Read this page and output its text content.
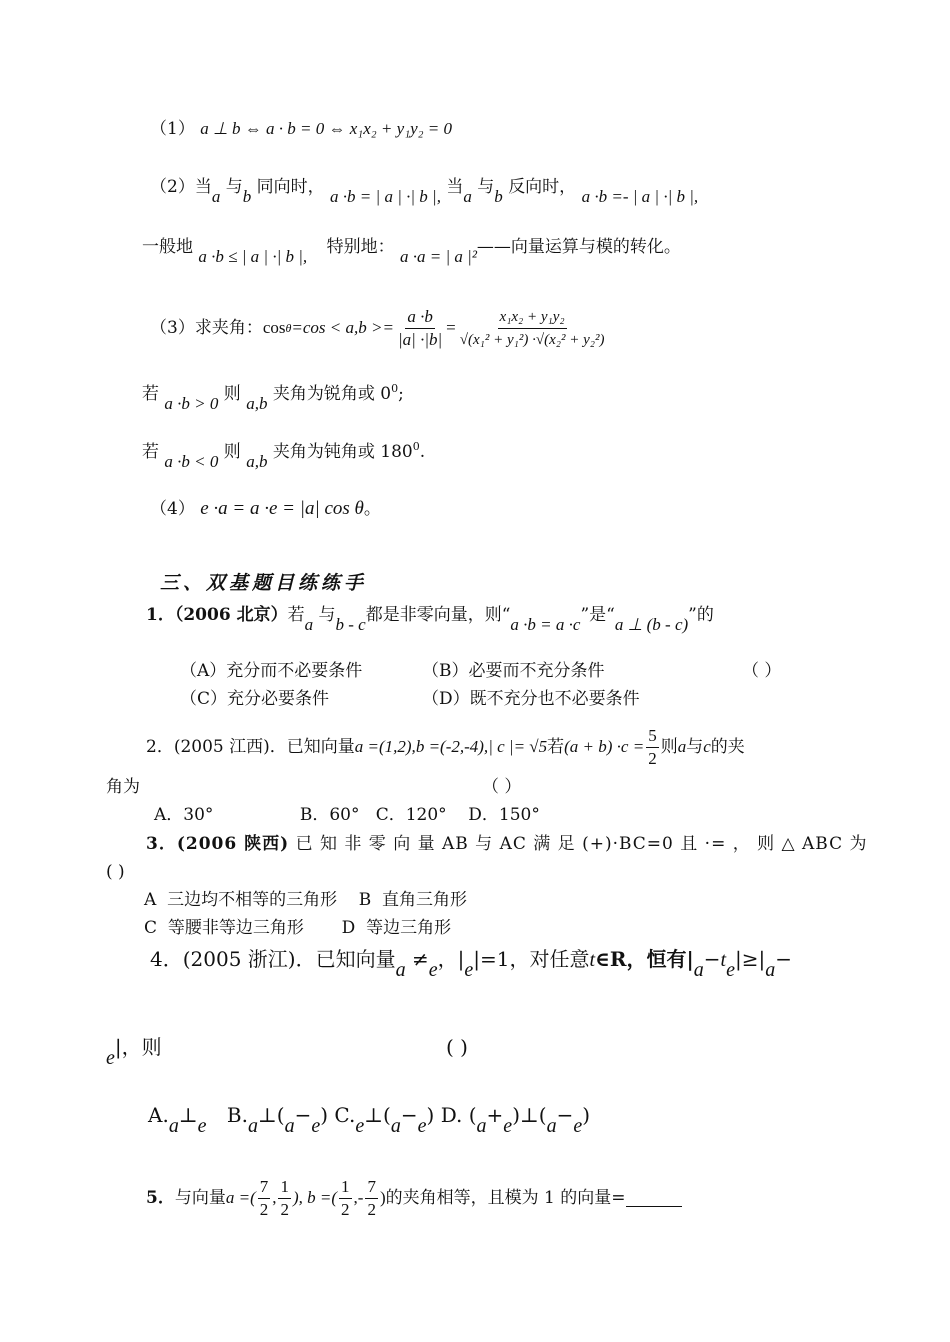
（1） a ⊥ b ⇔ a · b = 0 ⇔ x₁x₂ + y₁y₂ = 0
（2）当a 与b 同向时， a ·b = | a | ·| b |, 当a 与b 反向时， a ·b =- | a | ·| b |,
一般地 a ·b ≤ | a | ·| b |, 特别地： a ·a = | a |²——向量运算与模的转化。
（3）求夹角： $\cos \theta =\cos < a,b >= \frac{a \cdot b}{|a| \cdot|b|} = \frac{\text{x₁x₂ + y₁y₂}}{\text{√(x₁² + y₁²) ·√(x₂² + y₂²)}}$
若 a ·b > 0 则 a,b 夹角为锐角或 $0^0$;
若 a ·b < 0 则 a,b 夹角为钝角或 $180^0$.
（4） e ·a = a ·e = |a| cos θ。
三、双基题目练练手
1．（2006 北京）若a 与b - c都是非零向量，则“a ·b = a ·c”是“a ⊥ (b - c)”的
（A）充分而不必要条件	（B）必要而不充分条件	（ ）
（C）充分必要条件	（D）既不充分也不必要条件
2． (2005 江西)．已知向量 a =(1,2), b =(-2,-4), | c |= √5 若 $(a + b) \cdot c = \frac{5}{2}$ 则 a 与 c 的夹
角为	（ ）
A．30°                B．60°   C．120°    D．150°
3．(2006 陕西) 已 知 非 零 向 量 AB 与 AC 满 足 (+)·BC=0 且 ·= ， 则 △ ABC 为
( )
A  三边均不相等的三角形    B  直角三角形
C  等腰非等边三角形       D  等边三角形
4．(2005 浙江)．已知向量a ≠e，|e|=1，对任意t∈R，恒有|a−te|≥|a−
e|，则	( )
A.a⊥e B.a⊥(a−e) C.e⊥(a−e) D. (a+e)⊥(a−e)
5． 与向量 a =( $\frac{7}{2}$ , $\frac{1}{2}$ ), b =( $\frac{1}{2}$ ,- $\frac{7}{2}$ ) 的夹角相等，且模为 1 的向量=
